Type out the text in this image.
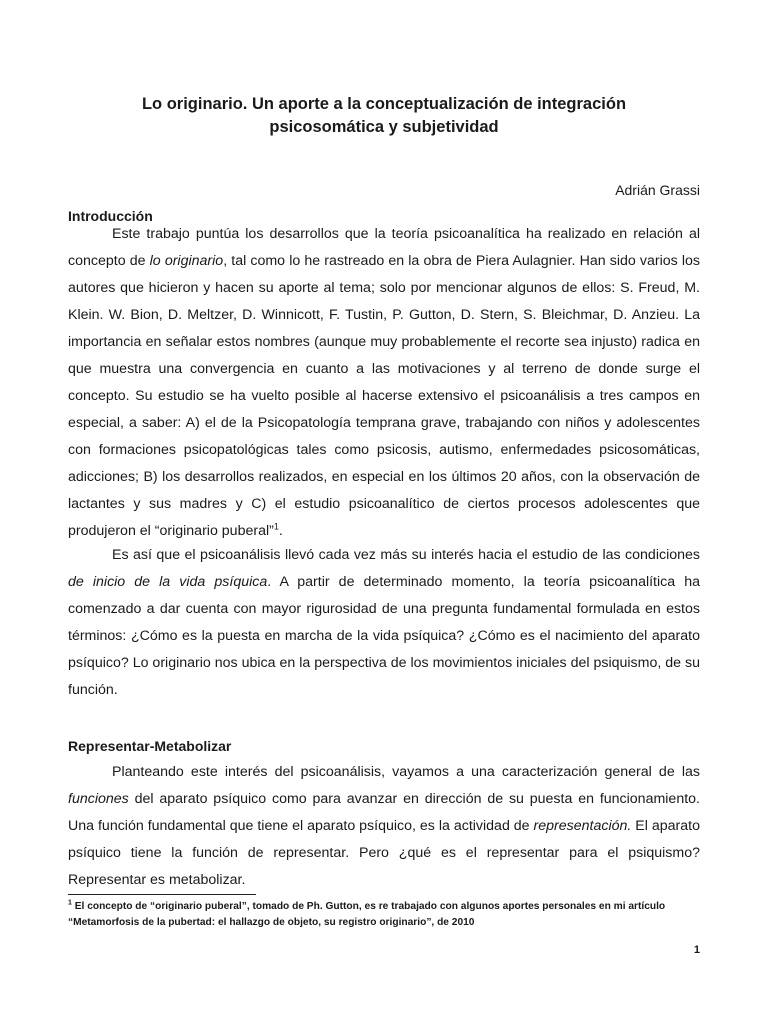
Lo originario. Un aporte a la conceptualización de integración
psicosomática y subjetividad
Adrián Grassi
Introducción

Este trabajo puntúa los desarrollos que la teoría psicoanalítica ha realizado en relación al concepto de lo originario, tal como lo he rastreado en la obra de Piera Aulagnier. Han sido varios los autores que hicieron y hacen su aporte al tema; solo por mencionar algunos de ellos: S. Freud, M. Klein. W. Bion, D. Meltzer, D. Winnicott, F. Tustin, P. Gutton, D. Stern, S. Bleichmar, D. Anzieu. La importancia en señalar estos nombres (aunque muy probablemente el recorte sea injusto) radica en que muestra una convergencia en cuanto a las motivaciones y al terreno de donde surge el concepto. Su estudio se ha vuelto posible al hacerse extensivo el psicoanálisis a tres campos en especial, a saber: A) el de la Psicopatología temprana grave, trabajando con niños y adolescentes con formaciones psicopatológicas tales como psicosis, autismo, enfermedades psicosomáticas, adicciones; B) los desarrollos realizados, en especial en los últimos 20 años, con la observación de lactantes y sus madres y C) el estudio psicoanalítico de ciertos procesos adolescentes que produjeron el “originario puberal”$^1$.

Es así que el psicoanálisis llevó cada vez más su interés hacia el estudio de las condiciones de inicio de la vida psíquica. A partir de determinado momento, la teoría psicoanalítica ha comenzado a dar cuenta con mayor rigurosidad de una pregunta fundamental formulada en estos términos: ¿Cómo es la puesta en marcha de la vida psíquica? ¿Cómo es el nacimiento del aparato psíquico? Lo originario nos ubica en la perspectiva de los movimientos iniciales del psiquismo, de su función.

Representar-Metabolizar

Planteando este interés del psicoanálisis, vayamos a una caracterización general de las funciones del aparato psíquico como para avanzar en dirección de su puesta en funcionamiento. Una función fundamental que tiene el aparato psíquico, es la actividad de representación. El aparato psíquico tiene la función de representar. Pero ¿qué es el representar para el psiquismo? Representar es metabolizar.

$^1$ El concepto de “originario puberal”, tomado de Ph. Gutton, es re trabajado con algunos aportes personales en mi artículo
“Metamorfosis de la pubertad: el hallazgo de objeto, su registro originario”, de 2010

1
